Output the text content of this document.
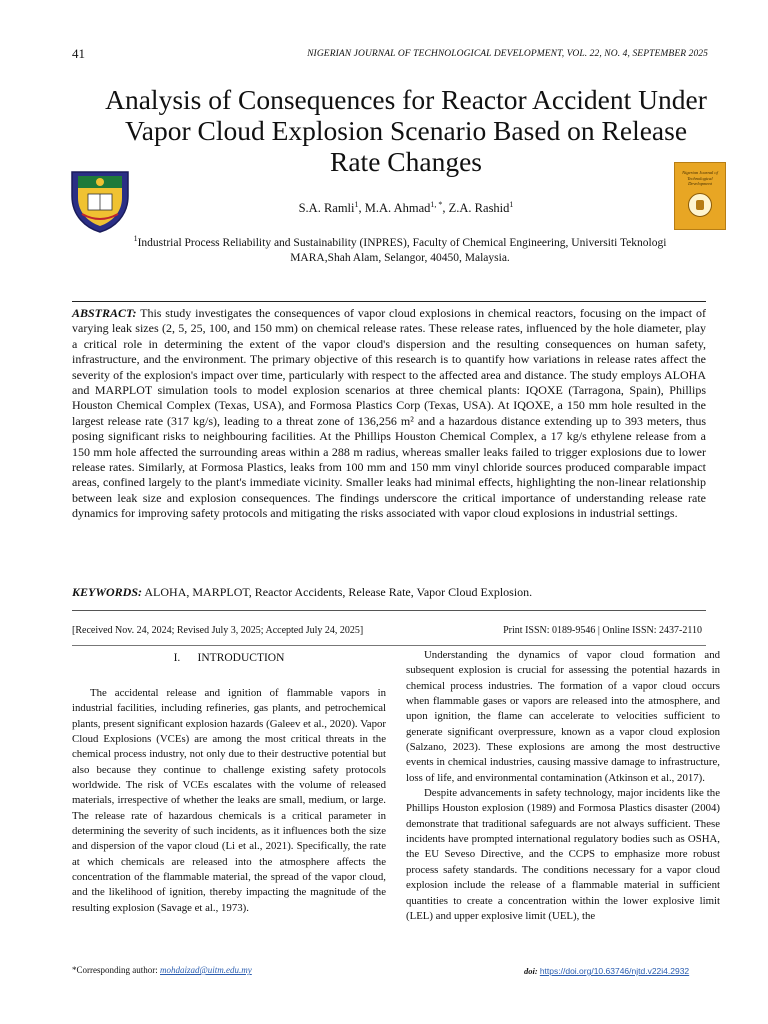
41	NIGERIAN JOURNAL OF TECHNOLOGICAL DEVELOPMENT, VOL. 22, NO. 4, SEPTEMBER 2025
Nigerian Journal of Technological Development
Analysis of Consequences for Reactor Accident Under Vapor Cloud Explosion Scenario Based on Release Rate Changes
S.A. Ramli$^1$, M.A. Ahmad$^{1, *}$, Z.A. Rashid$^1$
$^1$Industrial Process Reliability and Sustainability (INPRES), Faculty of Chemical Engineering, Universiti Teknologi MARA,Shah Alam, Selangor, 40450, Malaysia.
ABSTRACT: This study investigates the consequences of vapor cloud explosions in chemical reactors, focusing on the impact of varying leak sizes (2, 5, 25, 100, and 150 mm) on chemical release rates. These release rates, influenced by the hole diameter, play a critical role in determining the extent of the vapor cloud's dispersion and the resulting consequences on human safety, infrastructure, and the environment. The primary objective of this research is to quantify how variations in release rates affect the severity of the explosion's impact over time, particularly with respect to the affected area and distance. The study employs ALOHA and MARPLOT simulation tools to model explosion scenarios at three chemical plants: IQOXE (Tarragona, Spain), Phillips Houston Chemical Complex (Texas, USA), and Formosa Plastics Corp (Texas, USA). At IQOXE, a 150 mm hole resulted in the largest release rate (317 kg/s), leading to a threat zone of 136,256 m² and a hazardous distance extending up to 393 meters, thus posing significant risks to neighbouring facilities. At the Phillips Houston Chemical Complex, a 17 kg/s ethylene release from a 150 mm hole affected the surrounding areas within a 288 m radius, whereas smaller leaks failed to trigger explosions due to lower release rates. Similarly, at Formosa Plastics, leaks from 100 mm and 150 mm vinyl chloride sources produced comparable impact areas, confined largely to the plant's immediate vicinity. Smaller leaks had minimal effects, highlighting the non-linear relationship between leak size and explosion consequences. The findings underscore the critical importance of understanding release rate dynamics for improving safety protocols and mitigating the risks associated with vapor cloud explosions in industrial settings.
KEYWORDS: ALOHA, MARPLOT, Reactor Accidents, Release Rate, Vapor Cloud Explosion.
[Received Nov. 24, 2024; Revised July 3, 2025; Accepted July 24, 2025]	Print ISSN: 0189-9546 | Online ISSN: 2437-2110
I. INTRODUCTION

The accidental release and ignition of flammable vapors in industrial facilities, including refineries, gas plants, and petrochemical plants, present significant explosion hazards (Galeev et al., 2020). Vapor Cloud Explosions (VCEs) are among the most critical threats in the chemical process industry, not only due to their destructive potential but also because they continue to challenge existing safety protocols worldwide. The risk of VCEs escalates with the volume of released materials, irrespective of whether the leaks are small, medium, or large. The release rate of hazardous chemicals is a critical parameter in determining the severity of such incidents, as it influences both the size and dispersion of the vapor cloud (Li et al., 2021). Specifically, the rate at which chemicals are released into the atmosphere affects the concentration of the flammable material, the spread of the vapor cloud, and the likelihood of ignition, thereby impacting the magnitude of the resulting explosion (Savage et al., 1973).

Understanding the dynamics of vapor cloud formation and subsequent explosion is crucial for assessing the potential hazards in chemical process industries. The formation of a vapor cloud occurs when flammable gases or vapors are released into the atmosphere, and upon ignition, the flame can accelerate to velocities sufficient to generate significant overpressure, known as a vapor cloud explosion (Salzano, 2023). These explosions are among the most destructive events in chemical industries, causing massive damage to infrastructure, loss of life, and environmental contamination (Atkinson et al., 2017).

Despite advancements in safety technology, major incidents like the Phillips Houston explosion (1989) and Formosa Plastics disaster (2004) demonstrate that traditional safeguards are not always sufficient. These incidents have prompted international regulatory bodies such as OSHA, the EU Seveso Directive, and the CCPS to emphasize more robust process safety standards. The conditions necessary for a vapor cloud explosion include the release of a flammable material in sufficient quantities to create a concentration within the lower explosive limit (LEL) and upper explosive limit (UEL), the

*Corresponding author: mohdaizad@uitm.edu.my	doi: https://doi.org/10.63746/njtd.v22i4.2932
